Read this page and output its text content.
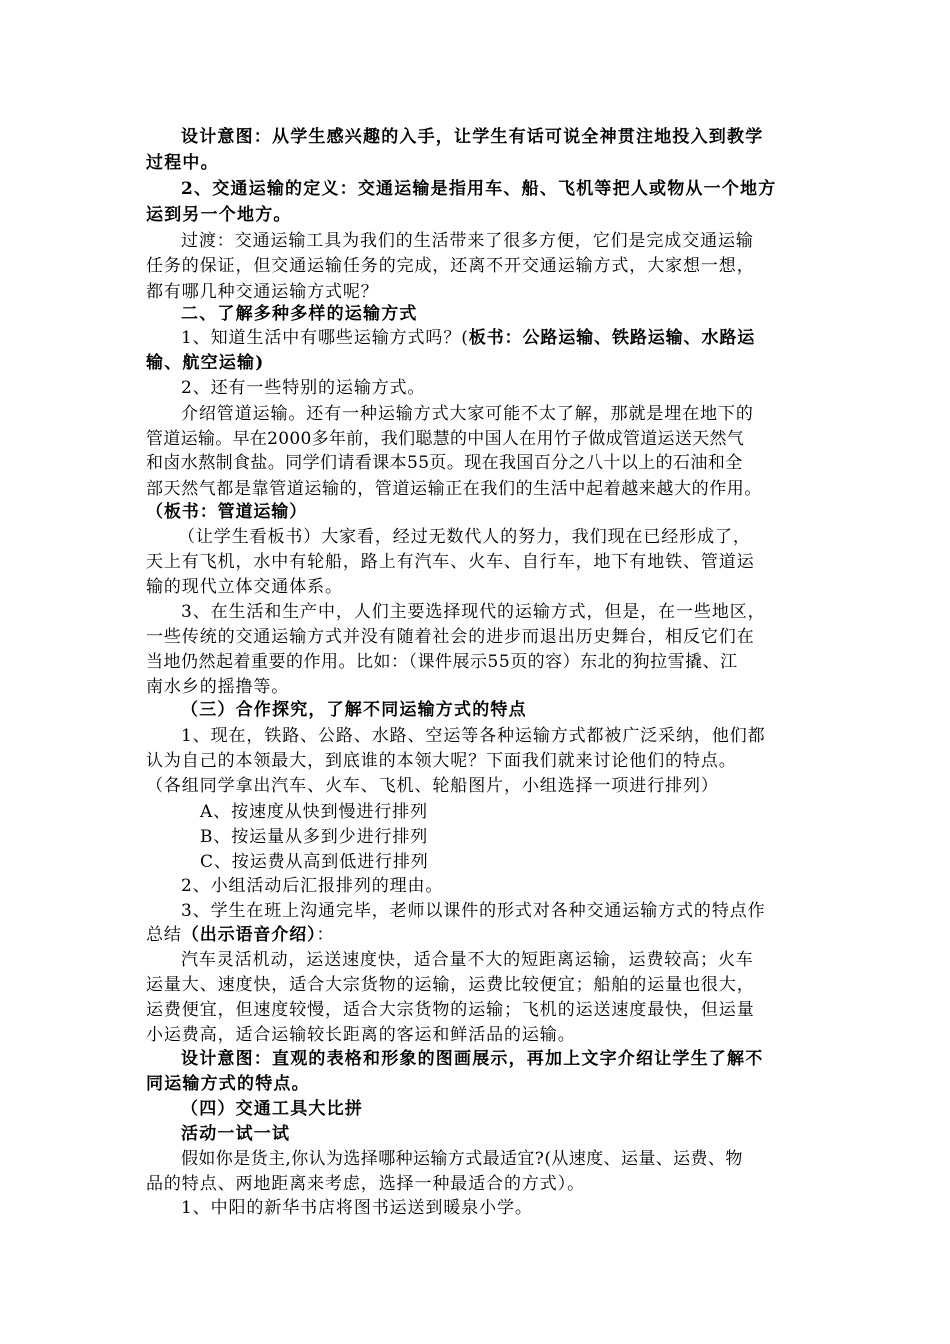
设计意图：从学生感兴趣的入手，让学生有话可说全神贯注地投入到教学
过程中。
2、交通运输的定义：交通运输是指用车、船、飞机等把人或物从一个地方
运到另一个地方。
过渡：交通运输工具为我们的生活带来了很多方便，它们是完成交通运输
任务的保证，但交通运输任务的完成，还离不开交通运输方式，大家想一想，
都有哪几种交通运输方式呢？
二、了解多种多样的运输方式
1、知道生活中有哪些运输方式吗？(板书：公路运输、铁路运输、水路运
输、航空运输)
2、还有一些特别的运输方式。
介绍管道运输。还有一种运输方式大家可能不太了解，那就是埋在地下的
管道运输。早在2000多年前，我们聪慧的中国人在用竹子做成管道运送天然气
和卤水熬制食盐。同学们请看课本55页。现在我国百分之八十以上的石油和全
部天然气都是靠管道运输的，管道运输正在我们的生活中起着越来越大的作用。
（板书：管道运输）
（让学生看板书）大家看，经过无数代人的努力，我们现在已经形成了，
天上有飞机，水中有轮船，路上有汽车、火车、自行车，地下有地铁、管道运
输的现代立体交通体系。
3、在生活和生产中，人们主要选择现代的运输方式，但是，在一些地区，
一些传统的交通运输方式并没有随着社会的进步而退出历史舞台，相反它们在
当地仍然起着重要的作用。比如：（课件展示55页的容）东北的狗拉雪撬、江
南水乡的摇撸等。
（三）合作探究，了解不同运输方式的特点
1、现在，铁路、公路、水路、空运等各种运输方式都被广泛采纳，他们都
认为自己的本领最大，到底谁的本领大呢？下面我们就来讨论他们的特点。
（各组同学拿出汽车、火车、飞机、轮船图片，小组选择一项进行排列）
A、按速度从快到慢进行排列
B、按运量从多到少进行排列
C、按运费从高到低进行排列
2、小组活动后汇报排列的理由。
3、学生在班上沟通完毕，老师以课件的形式对各种交通运输方式的特点作
总结（出示语音介绍）：
汽车灵活机动，运送速度快，适合量不大的短距离运输，运费较高；火车
运量大、速度快，适合大宗货物的运输，运费比较便宜；船舶的运量也很大，
运费便宜，但速度较慢，适合大宗货物的运输；飞机的运送速度最快，但运量
小运费高，适合运输较长距离的客运和鲜活品的运输。
设计意图：直观的表格和形象的图画展示，再加上文字介绍让学生了解不
同运输方式的特点。
（四）交通工具大比拼
活动一试一试
假如你是货主,你认为选择哪种运输方式最适宜?(从速度、运量、运费、物
品的特点、两地距离来考虑，选择一种最适合的方式）。
1、中阳的新华书店将图书运送到暖泉小学。
